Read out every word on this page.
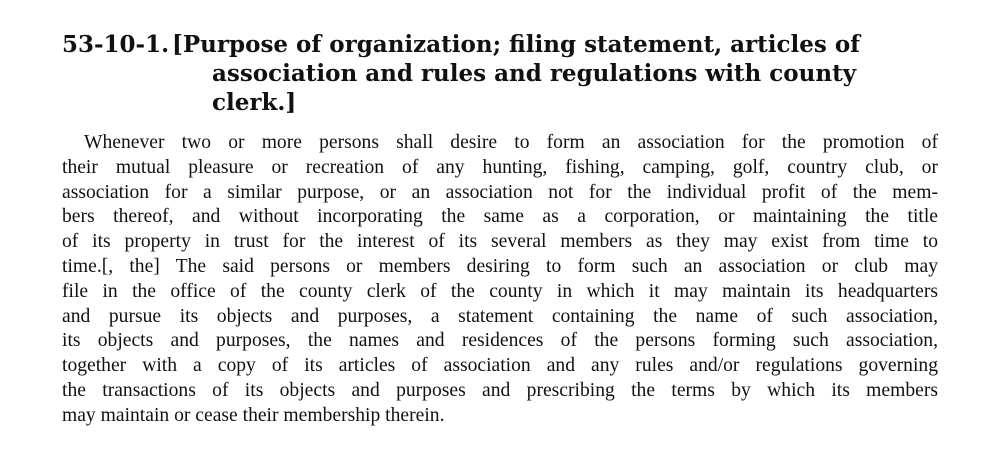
53-10-1. [Purpose of organization; filing statement, articles of association and rules and regulations with county clerk.]
Whenever two or more persons shall desire to form an association for the promotion of
their mutual pleasure or recreation of any hunting, fishing, camping, golf, country club, or
association for a similar purpose, or an association not for the individual profit of the mem-
bers thereof, and without incorporating the same as a corporation, or maintaining the title
of its property in trust for the interest of its several members as they may exist from time to
time.[, the] The said persons or members desiring to form such an association or club may
file in the office of the county clerk of the county in which it may maintain its headquarters
and pursue its objects and purposes, a statement containing the name of such association,
its objects and purposes, the names and residences of the persons forming such association,
together with a copy of its articles of association and any rules and/or regulations governing
the transactions of its objects and purposes and prescribing the terms by which its members
may maintain or cease their membership therein.
